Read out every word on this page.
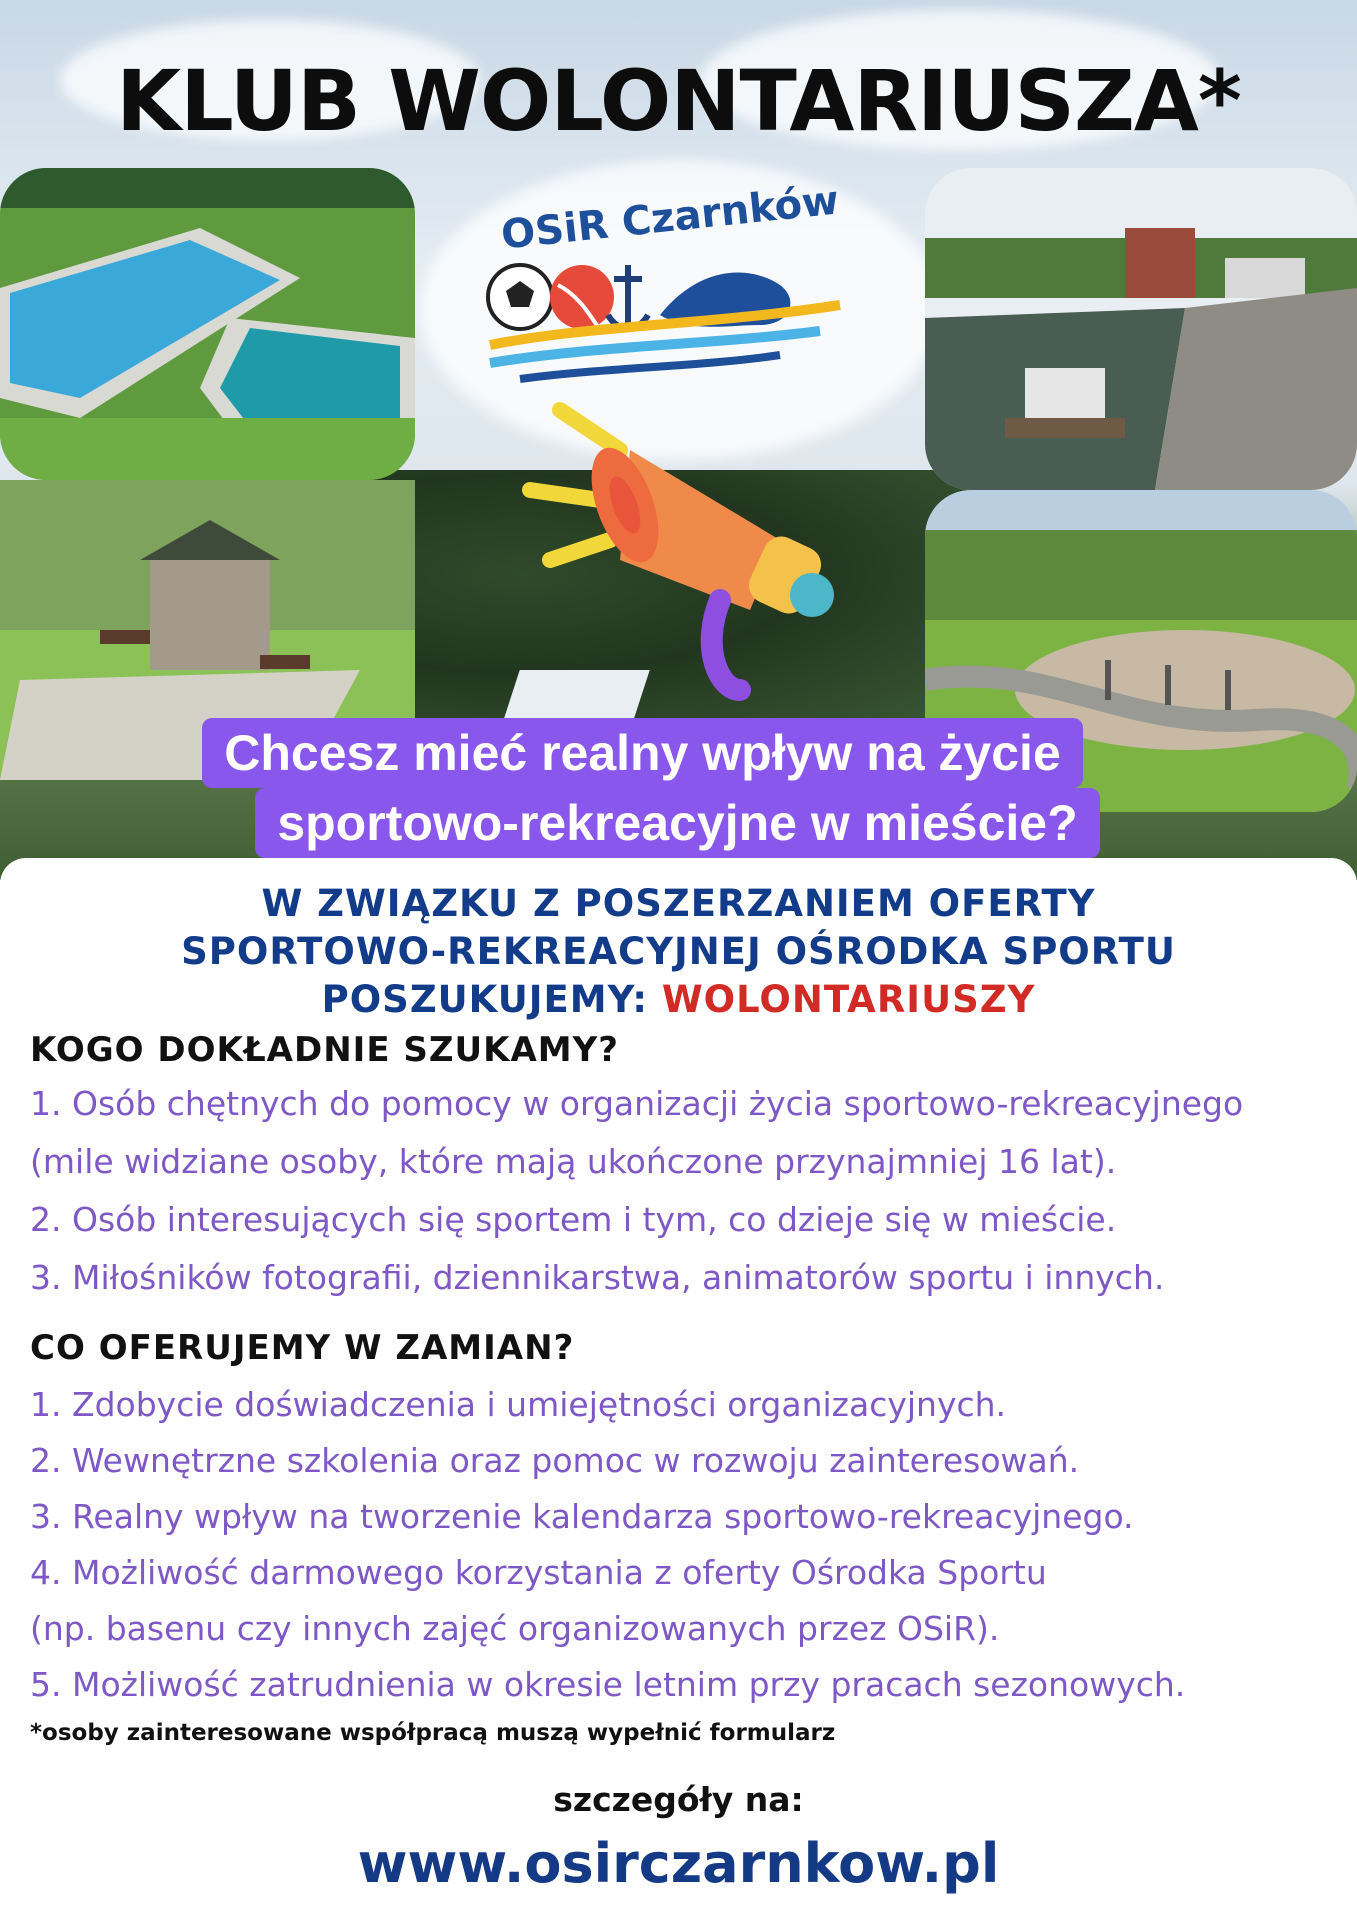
KLUB WOLONTARIUSZA*
OSiR Czarnków
Chcesz mieć realny wpływ na życie
sportowo-rekreacyjne w mieście?
W ZWIĄZKU Z POSZERZANIEM OFERTY
SPORTOWO-REKREACYJNEJ OŚRODKA SPORTU
POSZUKUJEMY: WOLONTARIUSZY
KOGO DOKŁADNIE SZUKAMY?
1. Osób chętnych do pomocy w organizacji życia sportowo-rekreacyjnego
(mile widziane osoby, które mają ukończone przynajmniej 16 lat).
2. Osób interesujących się sportem i tym, co dzieje się w mieście.
3. Miłośników fotografii, dziennikarstwa, animatorów sportu i innych.
CO OFERUJEMY W ZAMIAN?
1. Zdobycie doświadczenia i umiejętności organizacyjnych.
2. Wewnętrzne szkolenia oraz pomoc w rozwoju zainteresowań.
3. Realny wpływ na tworzenie kalendarza sportowo-rekreacyjnego.
4. Możliwość darmowego korzystania z oferty Ośrodka Sportu
(np. basenu czy innych zajęć organizowanych przez OSiR).
5. Możliwość zatrudnienia w okresie letnim przy pracach sezonowych.
*osoby zainteresowane współpracą muszą wypełnić formularz
szczegóły na:
www.osirczarnkow.pl
